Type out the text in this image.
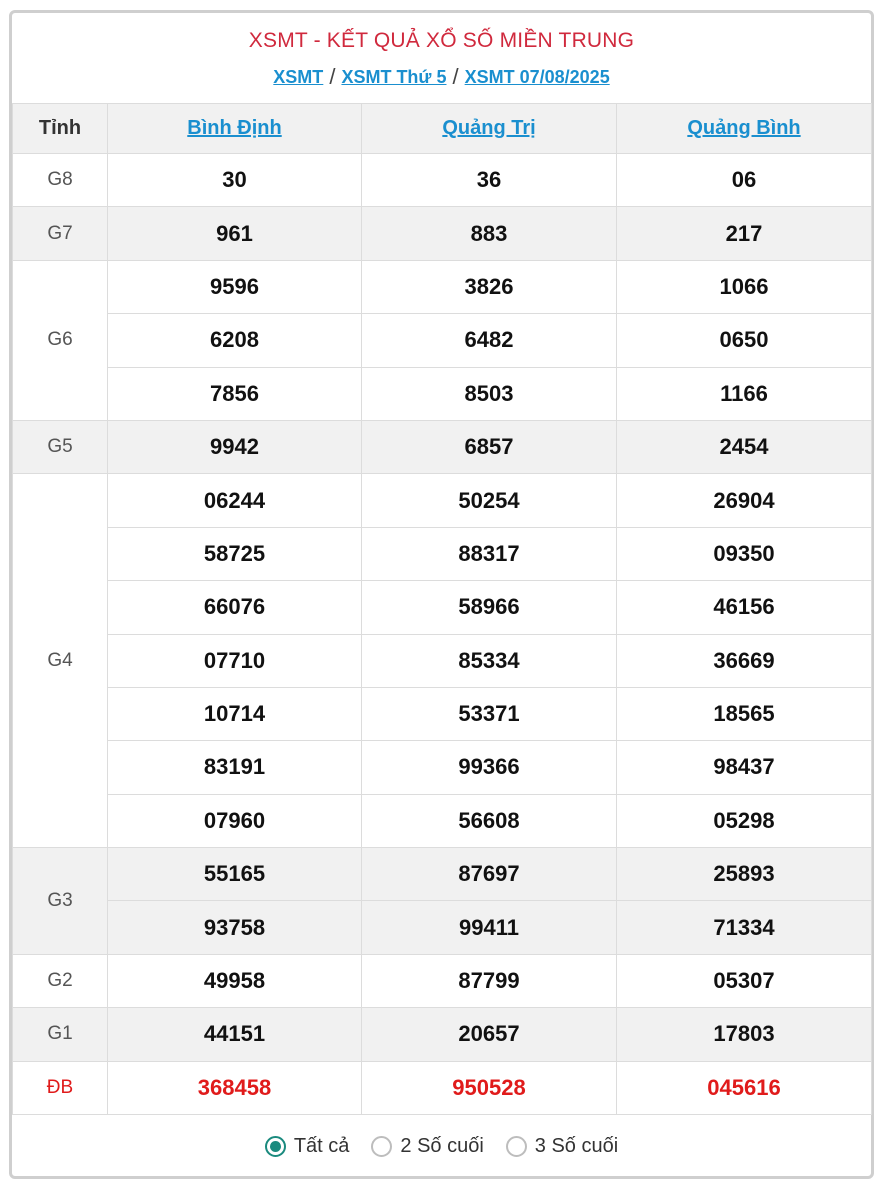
XSMT - KẾT QUẢ XỔ SỐ MIỀN TRUNG
XSMT / XSMT Thứ 5 / XSMT 07/08/2025
Tỉnh	Bình Định	Quảng Trị	Quảng Bình
G8	30	36	06
G7	961	883	217
G6	9596	3826	1066
	6208	6482	0650
	7856	8503	1166
G5	9942	6857	2454
G4	06244	50254	26904
	58725	88317	09350
	66076	58966	46156
	07710	85334	36669
	10714	53371	18565
	83191	99366	98437
	07960	56608	05298
G3	55165	87697	25893
	93758	99411	71334
G2	49958	87799	05307
G1	44151	20657	17803
ĐB	368458	950528	045616
Tất cả	2 Số cuối	3 Số cuối
